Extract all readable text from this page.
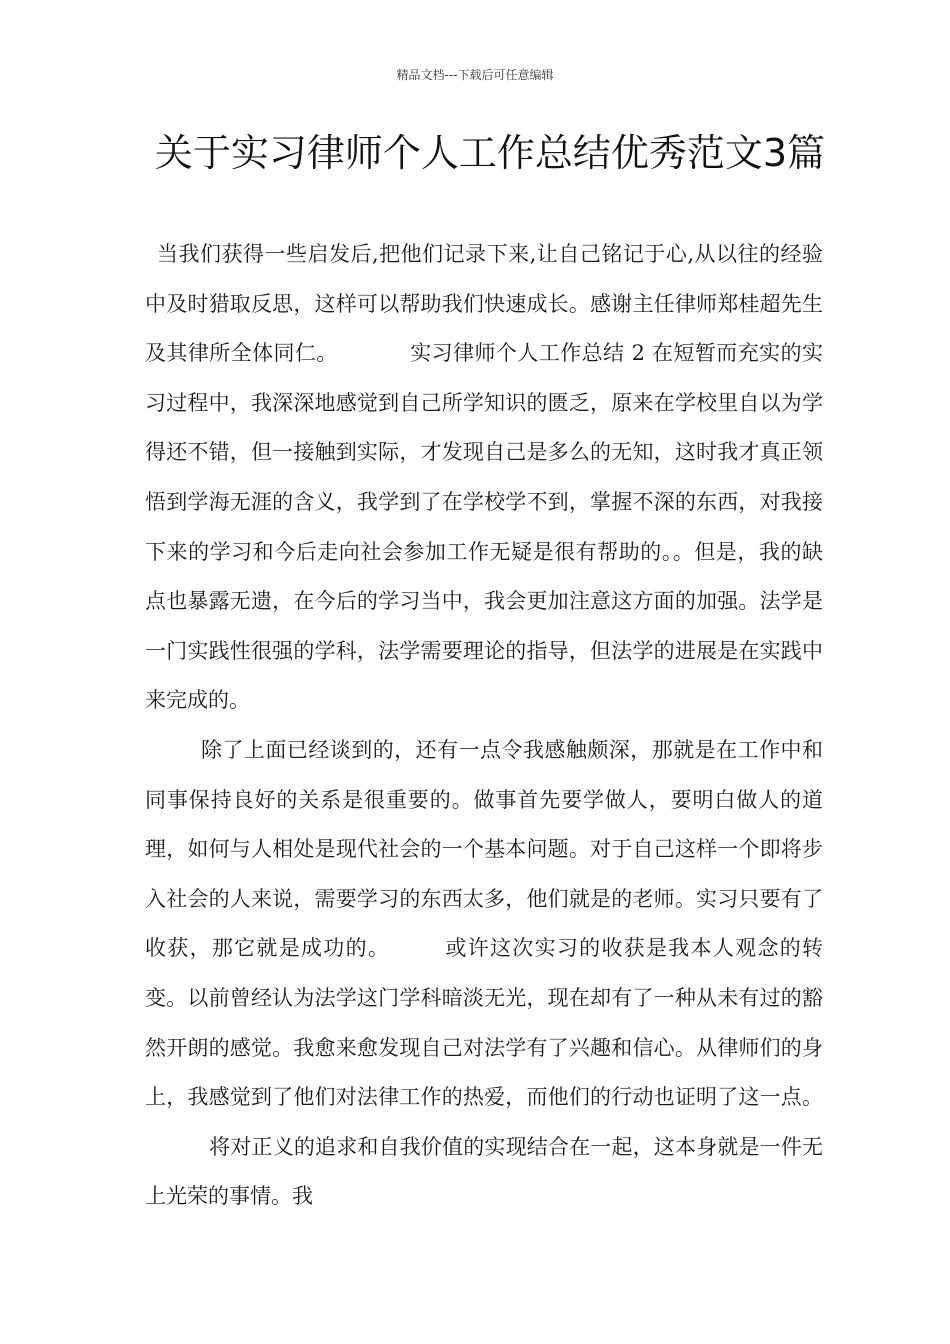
精品文档---下载后可任意编辑
关于实习律师个人工作总结优秀范文3篇

当我们获得一些启发后,把他们记录下来,让自己铭记于心,从以往的经验中及时猎取反思，这样可以帮助我们快速成长。感谢主任律师郑桂超先生及其律所全体同仁。	实习律师个人工作总结 2 在短暂而充实的实习过程中，我深深地感觉到自己所学知识的匮乏，原来在学校里自以为学得还不错，但一接触到实际，才发现自己是多么的无知，这时我才真正领悟到学海无涯的含义，我学到了在学校学不到，掌握不深的东西，对我接下来的学习和今后走向社会参加工作无疑是很有帮助的。。但是，我的缺点也暴露无遗，在今后的学习当中，我会更加注意这方面的加强。法学是一门实践性很强的学科，法学需要理论的指导，但法学的进展是在实践中来完成的。

除了上面已经谈到的，还有一点令我感触颇深，那就是在工作中和同事保持良好的关系是很重要的。做事首先要学做人，要明白做人的道理，如何与人相处是现代社会的一个基本问题。对于自己这样一个即将步入社会的人来说，需要学习的东西太多，他们就是的老师。实习只要有了收获，那它就是成功的。	或许这次实习的收获是我本人观念的转变。以前曾经认为法学这门学科暗淡无光，现在却有了一种从未有过的豁然开朗的感觉。我愈来愈发现自己对法学有了兴趣和信心。从律师们的身上，我感觉到了他们对法律工作的热爱，而他们的行动也证明了这一点。将对正义的追求和自我价值的实现结合在一起，这本身就是一件无上光荣的事情。我
